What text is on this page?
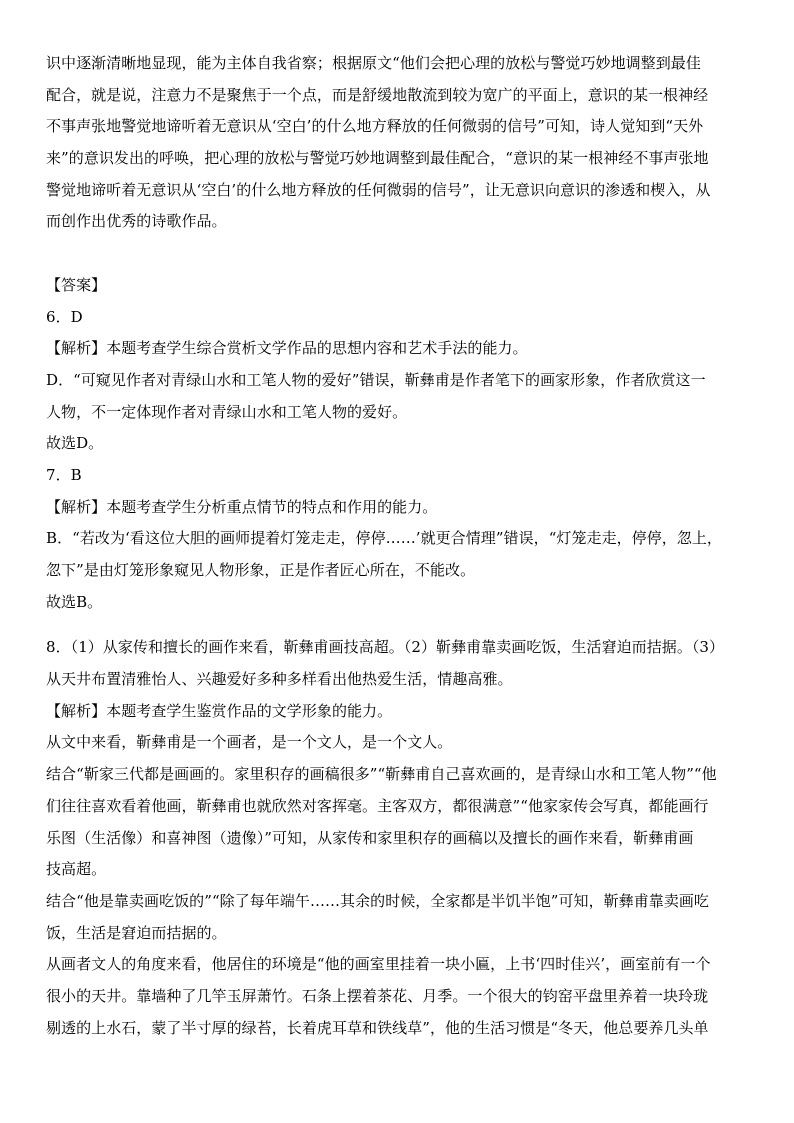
识中逐渐清晰地显现，能为主体自我省察；根据原文“他们会把心理的放松与警觉巧妙地调整到最佳
配合，就是说，注意力不是聚焦于一个点，而是舒缓地散流到较为宽广的平面上，意识的某一根神经
不事声张地警觉地谛听着无意识从‘空白’的什么地方释放的任何微弱的信号”可知，诗人觉知到“天外
来”的意识发出的呼唤，把心理的放松与警觉巧妙地调整到最佳配合，“意识的某一根神经不事声张地
警觉地谛听着无意识从‘空白’的什么地方释放的任何微弱的信号”，让无意识向意识的渗透和楔入，从
而创作出优秀的诗歌作品。
【答案】
6．D
【解析】本题考查学生综合赏析文学作品的思想内容和艺术手法的能力。
D．“可窥见作者对青绿山水和工笔人物的爱好”错误，靳彝甫是作者笔下的画家形象，作者欣赏这一
人物，不一定体现作者对青绿山水和工笔人物的爱好。
故选D。
7．B
【解析】本题考查学生分析重点情节的特点和作用的能力。
B．“若改为‘看这位大胆的画师提着灯笼走走，停停……’就更合情理”错误，“灯笼走走，停停，忽上，
忽下”是由灯笼形象窥见人物形象，正是作者匠心所在，不能改。
故选B。
8．（1）从家传和擅长的画作来看，靳彝甫画技高超。（2）靳彝甫靠卖画吃饭，生活窘迫而拮据。（3）
从天井布置清雅怡人、兴趣爱好多种多样看出他热爱生活，情趣高雅。
【解析】本题考查学生鉴赏作品的文学形象的能力。
从文中来看，靳彝甫是一个画者，是一个文人，是一个文人。
结合“靳家三代都是画画的。家里积存的画稿很多”“靳彝甫自己喜欢画的，是青绿山水和工笔人物”“他
们往往喜欢看着他画，靳彝甫也就欣然对客挥毫。主客双方，都很满意”“他家家传会写真，都能画行
乐图（生活像）和喜神图（遗像）”可知，从家传和家里积存的画稿以及擅长的画作来看，靳彝甫画
技高超。
结合“他是靠卖画吃饭的”“除了每年端午……其余的时候，全家都是半饥半饱”可知，靳彝甫靠卖画吃
饭，生活是窘迫而拮据的。
从画者文人的角度来看，他居住的环境是“他的画室里挂着一块小匾，上书‘四时佳兴’，画室前有一个
很小的天井。靠墙种了几竿玉屏萧竹。石条上摆着茶花、月季。一个很大的钧窑平盘里养着一块玲珑
剔透的上水石，蒙了半寸厚的绿苔，长着虎耳草和铁线草”，他的生活习惯是“冬天，他总要养几头单
